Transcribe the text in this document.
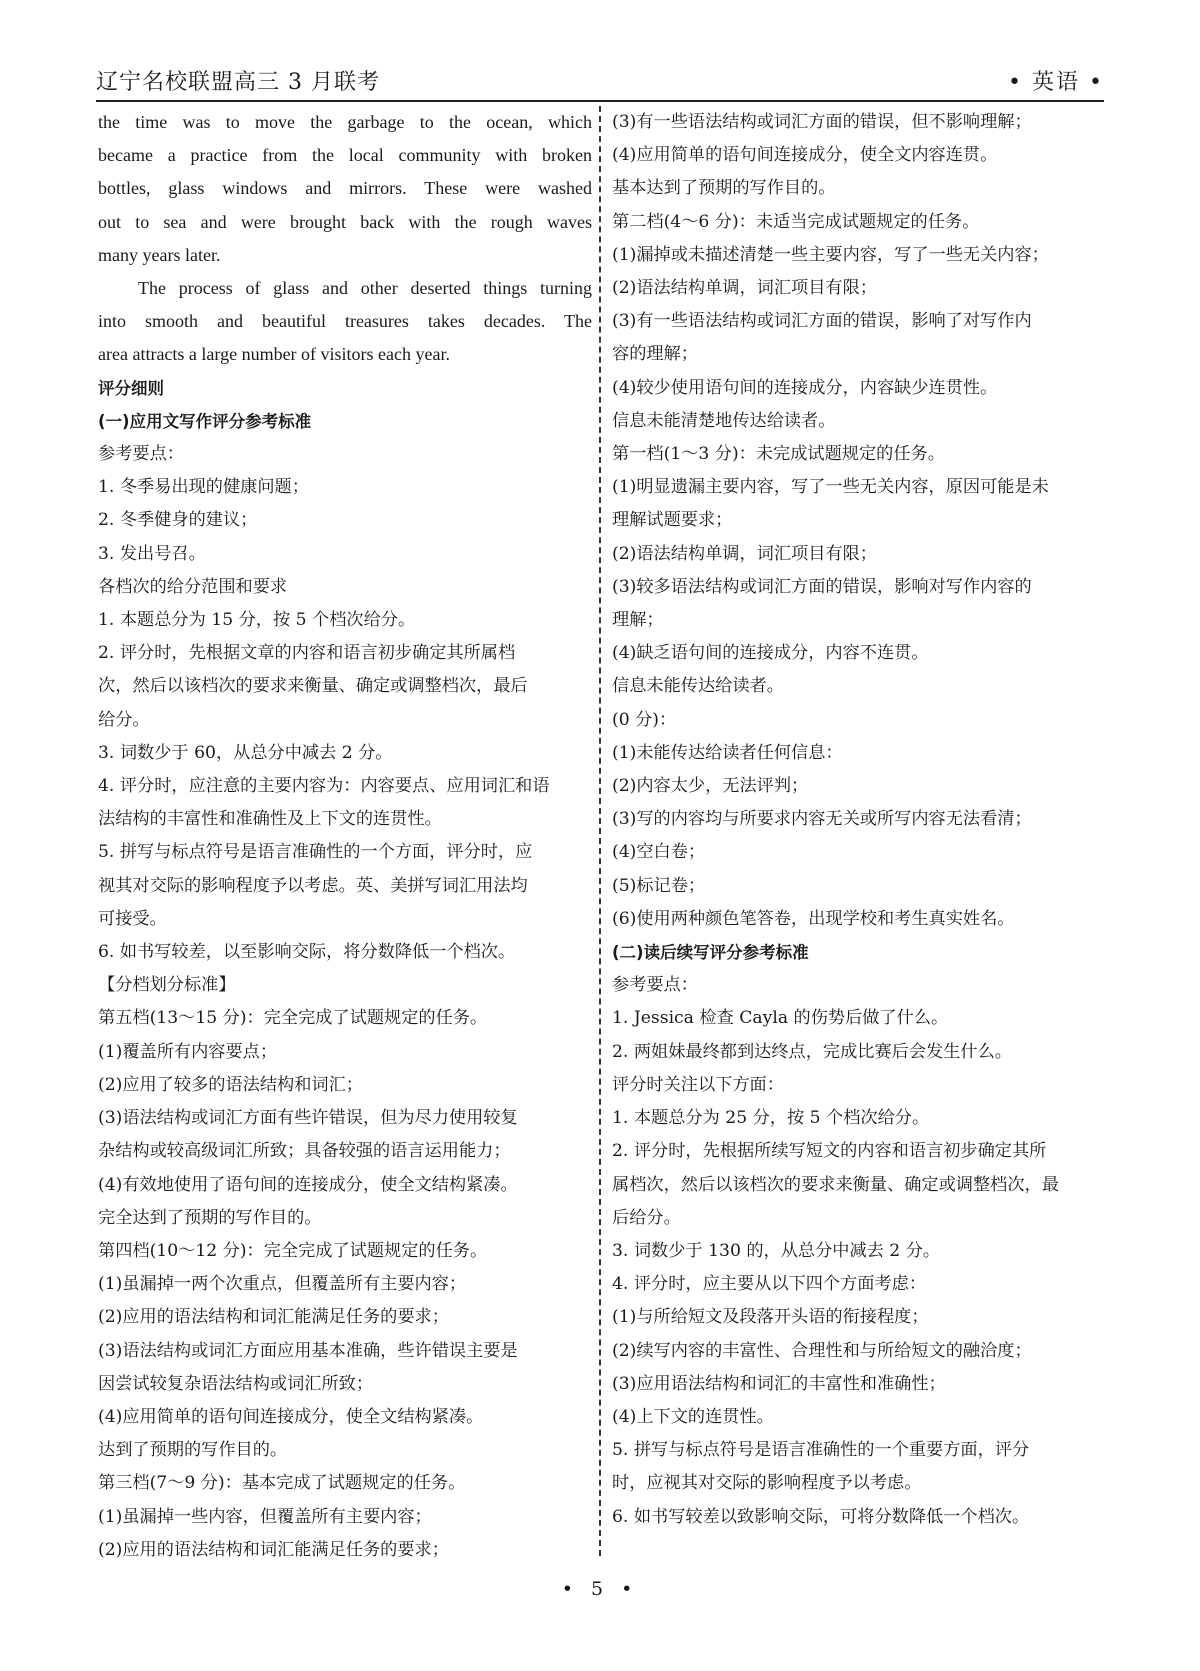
辽宁名校联盟高三 3 月联考	• 英语 •

the time was to move the garbage to the ocean, which

became a practice from the local community with broken

bottles, glass windows and mirrors. These were washed

out to sea and were brought back with the rough waves

many years later.

The process of glass and other deserted things turning

into smooth and beautiful treasures takes decades. The

area attracts a large number of visitors each year.

评分细则

(一)应用文写作评分参考标准

参考要点：

1. 冬季易出现的健康问题；

2. 冬季健身的建议；

3. 发出号召。

各档次的给分范围和要求

1. 本题总分为 15 分，按 5 个档次给分。

2. 评分时，先根据文章的内容和语言初步确定其所属档

次，然后以该档次的要求来衡量、确定或调整档次，最后

给分。

3. 词数少于 60，从总分中减去 2 分。

4. 评分时，应注意的主要内容为：内容要点、应用词汇和语

法结构的丰富性和准确性及上下文的连贯性。

5. 拼写与标点符号是语言准确性的一个方面，评分时，应

视其对交际的影响程度予以考虑。英、美拼写词汇用法均

可接受。

6. 如书写较差，以至影响交际，将分数降低一个档次。

【分档划分标准】

第五档(13～15 分)：完全完成了试题规定的任务。

(1)覆盖所有内容要点；

(2)应用了较多的语法结构和词汇；

(3)语法结构或词汇方面有些许错误，但为尽力使用较复

杂结构或较高级词汇所致；具备较强的语言运用能力；

(4)有效地使用了语句间的连接成分，使全文结构紧凑。

完全达到了预期的写作目的。

第四档(10～12 分)：完全完成了试题规定的任务。

(1)虽漏掉一两个次重点，但覆盖所有主要内容；

(2)应用的语法结构和词汇能满足任务的要求；

(3)语法结构或词汇方面应用基本准确，些许错误主要是

因尝试较复杂语法结构或词汇所致；

(4)应用简单的语句间连接成分，使全文结构紧凑。

达到了预期的写作目的。

第三档(7～9 分)：基本完成了试题规定的任务。

(1)虽漏掉一些内容，但覆盖所有主要内容；

(2)应用的语法结构和词汇能满足任务的要求；

(3)有一些语法结构或词汇方面的错误，但不影响理解；

(4)应用简单的语句间连接成分，使全文内容连贯。

基本达到了预期的写作目的。

第二档(4～6 分)：未适当完成试题规定的任务。

(1)漏掉或未描述清楚一些主要内容，写了一些无关内容；

(2)语法结构单调，词汇项目有限；

(3)有一些语法结构或词汇方面的错误，影响了对写作内

容的理解；

(4)较少使用语句间的连接成分，内容缺少连贯性。

信息未能清楚地传达给读者。

第一档(1～3 分)：未完成试题规定的任务。

(1)明显遗漏主要内容，写了一些无关内容，原因可能是未

理解试题要求；

(2)语法结构单调，词汇项目有限；

(3)较多语法结构或词汇方面的错误，影响对写作内容的

理解；

(4)缺乏语句间的连接成分，内容不连贯。

信息未能传达给读者。

(0 分)：

(1)未能传达给读者任何信息：

(2)内容太少，无法评判；

(3)写的内容均与所要求内容无关或所写内容无法看清；

(4)空白卷；

(5)标记卷；

(6)使用两种颜色笔答卷，出现学校和考生真实姓名。

(二)读后续写评分参考标准

参考要点：

1. Jessica 检查 Cayla 的伤势后做了什么。

2. 两姐妹最终都到达终点，完成比赛后会发生什么。

评分时关注以下方面：

1. 本题总分为 25 分，按 5 个档次给分。

2. 评分时，先根据所续写短文的内容和语言初步确定其所

属档次，然后以该档次的要求来衡量、确定或调整档次，最

后给分。

3. 词数少于 130 的，从总分中减去 2 分。

4. 评分时，应主要从以下四个方面考虑：

(1)与所给短文及段落开头语的衔接程度；

(2)续写内容的丰富性、合理性和与所给短文的融洽度；

(3)应用语法结构和词汇的丰富性和准确性；

(4)上下文的连贯性。

5. 拼写与标点符号是语言准确性的一个重要方面，评分

时，应视其对交际的影响程度予以考虑。

6. 如书写较差以致影响交际，可将分数降低一个档次。

• 5 •
